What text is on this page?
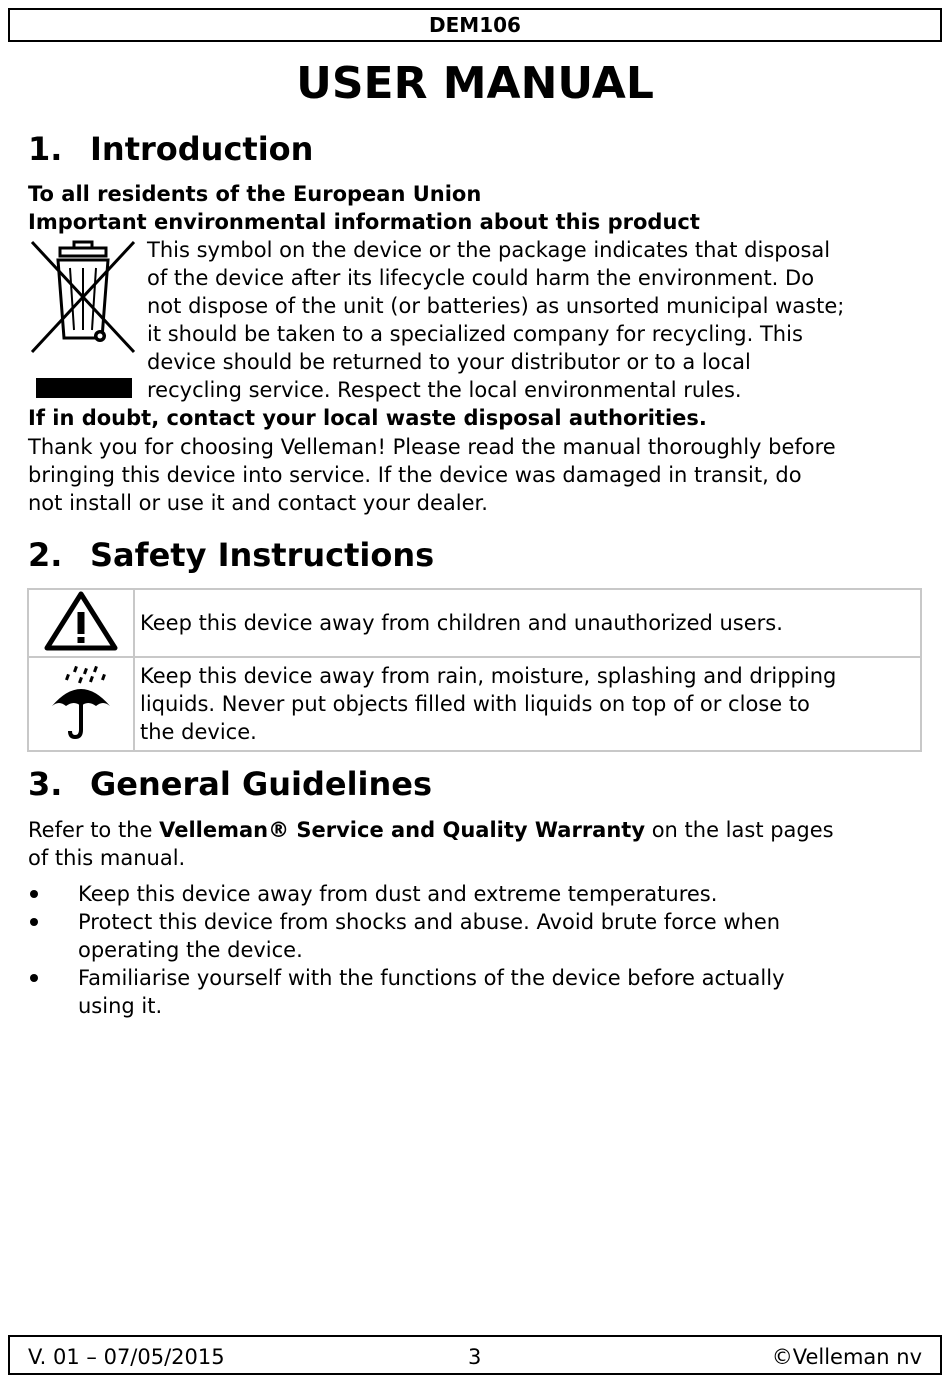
DEM106
USER MANUAL
1. Introduction
To all residents of the European Union
Important environmental information about this product
This symbol on the device or the package indicates that disposal
of the device after its lifecycle could harm the environment. Do
not dispose of the unit (or batteries) as unsorted municipal waste;
it should be taken to a specialized company for recycling. This
device should be returned to your distributor or to a local
recycling service. Respect the local environmental rules.
If in doubt, contact your local waste disposal authorities.
Thank you for choosing Velleman! Please read the manual thoroughly before
bringing this device into service. If the device was damaged in transit, do
not install or use it and contact your dealer.
2. Safety Instructions

Keep this device away from children and unauthorized users.

Keep this device away from rain, moisture, splashing and dripping
liquids. Never put objects filled with liquids on top of or close to
the device.
3. General Guidelines
Refer to the Velleman® Service and Quality Warranty on the last pages
of this manual.
Keep this device away from dust and extreme temperatures.
Protect this device from shocks and abuse. Avoid brute force when
operating the device.
Familiarise yourself with the functions of the device before actually
using it.
V. 01 – 07/05/2015	3	©Velleman nv
